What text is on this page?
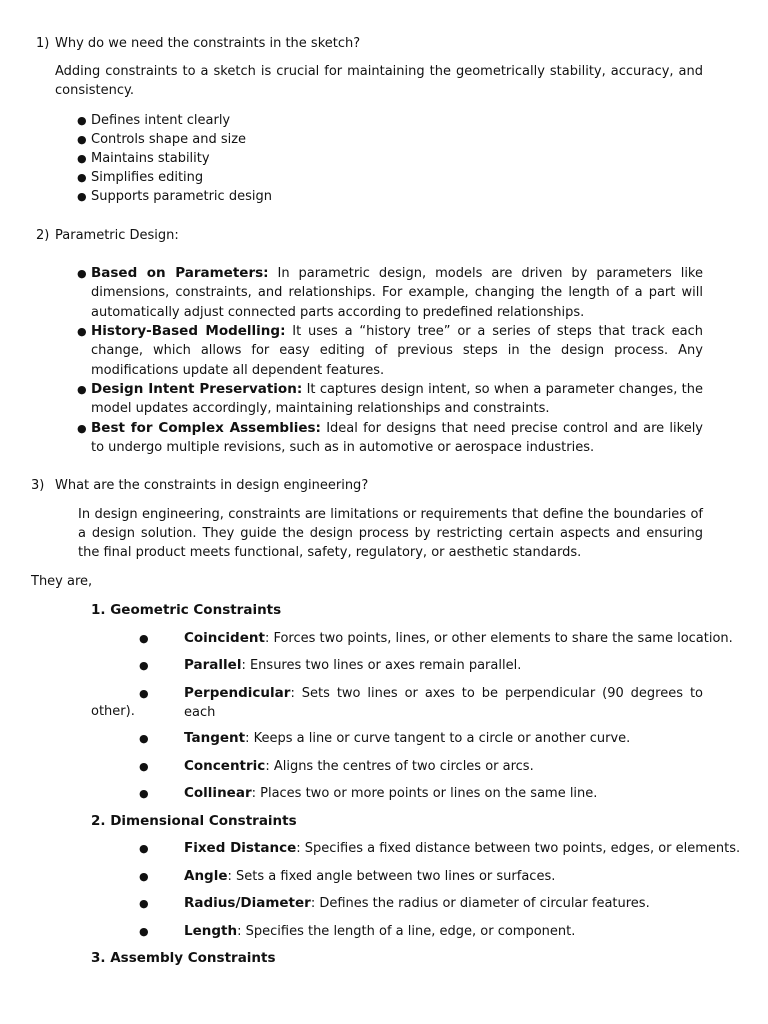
1) Why do we need the constraints in the sketch?
Adding constraints to a sketch is crucial for maintaining the geometrically stability, accuracy, and consistency.
● Defines intent clearly
● Controls shape and size
● Maintains stability
● Simplifies editing
● Supports parametric design
2) Parametric Design:
● Based on Parameters: In parametric design, models are driven by parameters like dimensions, constraints, and relationships. For example, changing the length of a part will automatically adjust connected parts according to predefined relationships.
● History-Based Modelling: It uses a “history tree” or a series of steps that track each change, which allows for easy editing of previous steps in the design process. Any modifications update all dependent features.
● Design Intent Preservation: It captures design intent, so when a parameter changes, the model updates accordingly, maintaining relationships and constraints.
● Best for Complex Assemblies: Ideal for designs that need precise control and are likely to undergo multiple revisions, such as in automotive or aerospace industries.
3) What are the constraints in design engineering?
In design engineering, constraints are limitations or requirements that define the boundaries of a design solution. They guide the design process by restricting certain aspects and ensuring the final product meets functional, safety, regulatory, or aesthetic standards.
They are,
1. Geometric Constraints
●	Coincident: Forces two points, lines, or other elements to share the same location.
●	Parallel: Ensures two lines or axes remain parallel.
●	Perpendicular: Sets two lines or axes to be perpendicular (90 degrees to each
other).
●	Tangent: Keeps a line or curve tangent to a circle or another curve.
●	Concentric: Aligns the centres of two circles or arcs.
●	Collinear: Places two or more points or lines on the same line.
2. Dimensional Constraints
●	Fixed Distance: Specifies a fixed distance between two points, edges, or elements.
●	Angle: Sets a fixed angle between two lines or surfaces.
●	Radius/Diameter: Defines the radius or diameter of circular features.
●	Length: Specifies the length of a line, edge, or component.
3. Assembly Constraints
